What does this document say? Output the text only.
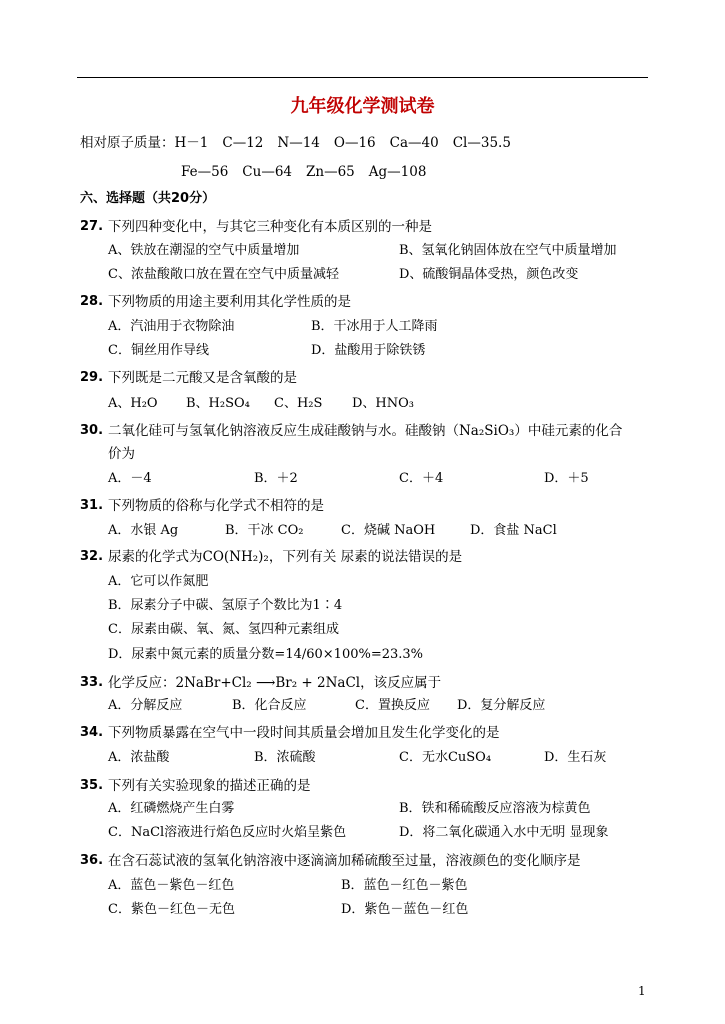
九年级化学测试卷
相对原子质量：H－1 C—12 N—14 O—16 Ca—40 Cl—35.5
Fe—56 Cu—64 Zn—65 Ag—108
六、选择题（共20分）
27. 下列四种变化中，与其它三种变化有本质区别的一种是
A、铁放在潮湿的空气中质量增加	B、氢氧化钠固体放在空气中质量增加
C、浓盐酸敞口放在置在空气中质量减轻	D、硫酸铜晶体受热，颜色改变
28. 下列物质的用途主要利用其化学性质的是
A．汽油用于衣物除油	B．干冰用于人工降雨
C．铜丝用作导线	D．盐酸用于除铁锈
29. 下列既是二元酸又是含氧酸的是
A、H₂O B、H₂SO₄ C、H₂S D、HNO₃
30. 二氧化硅可与氢氧化钠溶液反应生成硅酸钠与水。硅酸钠（Na₂SiO₃）中硅元素的化合
价为
A．－4	B．＋2	C．＋4	D．＋5
31. 下列物质的俗称与化学式不相符的是
A．水银 Ag	B．干冰 CO₂	C．烧碱 NaOH	D．食盐 NaCl
32. 尿素的化学式为CO(NH₂)₂，下列有关 尿素的说法错误的是
A．它可以作氮肥
B．尿素分子中碳、氢原子个数比为1∶4
C．尿素由碳、氧、氮、氢四种元素组成
D．尿素中氮元素的质量分数=14/60×100%=23.3%
33. 化学反应：2NaBr+Cl₂ ⟶Br₂ + 2NaCl，该反应属于
A．分解反应	B．化合反应	C．置换反应 D．复分解反应
34. 下列物质暴露在空气中一段时间其质量会增加且发生化学变化的是
A．浓盐酸	B．浓硫酸	C．无水CuSO₄	D．生石灰
35. 下列有关实验现象的描述正确的是
A．红磷燃烧产生白雾	B．铁和稀硫酸反应溶液为棕黄色
C．NaCl溶液进行焰色反应时火焰呈紫色	D．将二氧化碳通入水中无明 显现象
36. 在含石蕊试液的氢氧化钠溶液中逐滴滴加稀硫酸至过量，溶液颜色的变化顺序是
A．蓝色－紫色－红色	B．蓝色－红色－紫色
C．紫色－红色－无色	D．紫色－蓝色－红色
1
